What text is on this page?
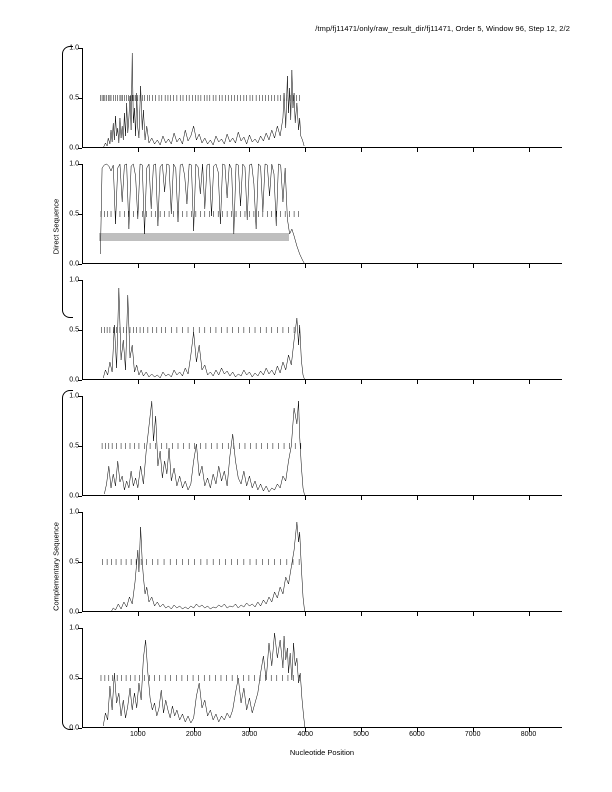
/tmp/fj11471/only/raw_result_dir/fj11471, Order 5, Window 96, Step 12, 2/2
Direct Sequence
Complementary Sequence
0.0
0.5
1.0
0.0
0.5
1.0
0.0
0.5
1.0
0.0
0.5
1.0
0.0
0.5
1.0
0.0
0.5
1.0
1000	2000	3000	4000	5000	6000	7000	8000
Nucleotide Position
